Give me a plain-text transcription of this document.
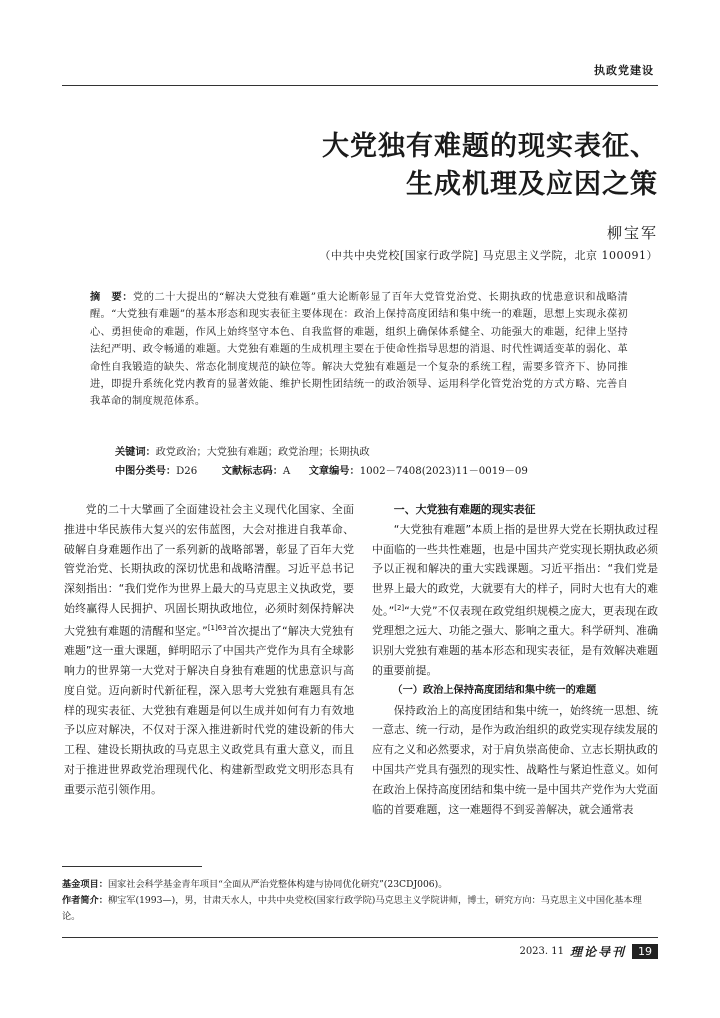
执政党建设
大党独有难题的现实表征、
生成机理及应因之策
柳宝军
（中共中央党校[国家行政学院] 马克思主义学院，北京 100091）
摘　要：党的二十大提出的“解决大党独有难题”重大论断彰显了百年大党管党治党、长期执政的忧患意识和战略清醒。“大党独有难题”的基本形态和现实表征主要体现在：政治上保持高度团结和集中统一的难题，思想上实现永葆初心、勇担使命的难题，作风上始终坚守本色、自我监督的难题，组织上确保体系健全、功能强大的难题，纪律上坚持法纪严明、政令畅通的难题。大党独有难题的生成机理主要在于使命性指导思想的消退、时代性调适变革的弱化、革命性自我锻造的缺失、常态化制度规范的缺位等。解决大党独有难题是一个复杂的系统工程，需要多管齐下、协同推进，即提升系统化党内教育的显著效能、维护长期性团结统一的政治领导、运用科学化管党治党的方式方略、完善自我革命的制度规范体系。
关键词：政党政治；大党独有难题；政党治理；长期执政
中图分类号：D26 文献标志码：A 文章编号：1002－7408(2023)11－0019－09

党的二十大擘画了全面建设社会主义现代化国家、全面推进中华民族伟大复兴的宏伟蓝图，大会对推进自我革命、破解自身难题作出了一系列新的战略部署，彰显了百年大党管党治党、长期执政的深切忧患和战略清醒。习近平总书记深刻指出：“我们党作为世界上最大的马克思主义执政党，要始终赢得人民拥护、巩固长期执政地位，必须时刻保持解决大党独有难题的清醒和坚定。”$^{[1]63}$首次提出了“解决大党独有难题”这一重大课题，鲜明昭示了中国共产党作为具有全球影响力的世界第一大党对于解决自身独有难题的忧患意识与高度自觉。迈向新时代新征程，深入思考大党独有难题具有怎样的现实表征、大党独有难题是何以生成并如何有力有效地予以应对解决，不仅对于深入推进新时代党的建设新的伟大工程、建设长期执政的马克思主义政党具有重大意义，而且对于推进世界政党治理现代化、构建新型政党文明形态具有重要示范引领作用。

一、大党独有难题的现实表征

“大党独有难题”本质上指的是世界大党在长期执政过程中面临的一些共性难题，也是中国共产党实现长期执政必须予以正视和解决的重大实践课题。习近平指出：“我们党是世界上最大的政党，大就要有大的样子，同时大也有大的难处。”[2]“大党”不仅表现在政党组织规模之庞大，更表现在政党理想之远大、功能之强大、影响之重大。科学研判、准确识别大党独有难题的基本形态和现实表征，是有效解决难题的重要前提。

（一）政治上保持高度团结和集中统一的难题

保持政治上的高度团结和集中统一，始终统一思想、统一意志、统一行动，是作为政治组织的政党实现存续发展的应有之义和必然要求，对于肩负崇高使命、立志长期执政的中国共产党具有强烈的现实性、战略性与紧迫性意义。如何在政治上保持高度团结和集中统一是中国共产党作为大党面临的首要难题，这一难题得不到妥善解决，就会通常表

基金项目：国家社会科学基金青年项目“全面从严治党整体构建与协同优化研究”(23CDJ006)。
作者简介：柳宝军(1993—)，男，甘肃天水人，中共中央党校(国家行政学院)马克思主义学院讲师，博士，研究方向：马克思主义中国化基本理论。
2023. 11 理论导刊	19
